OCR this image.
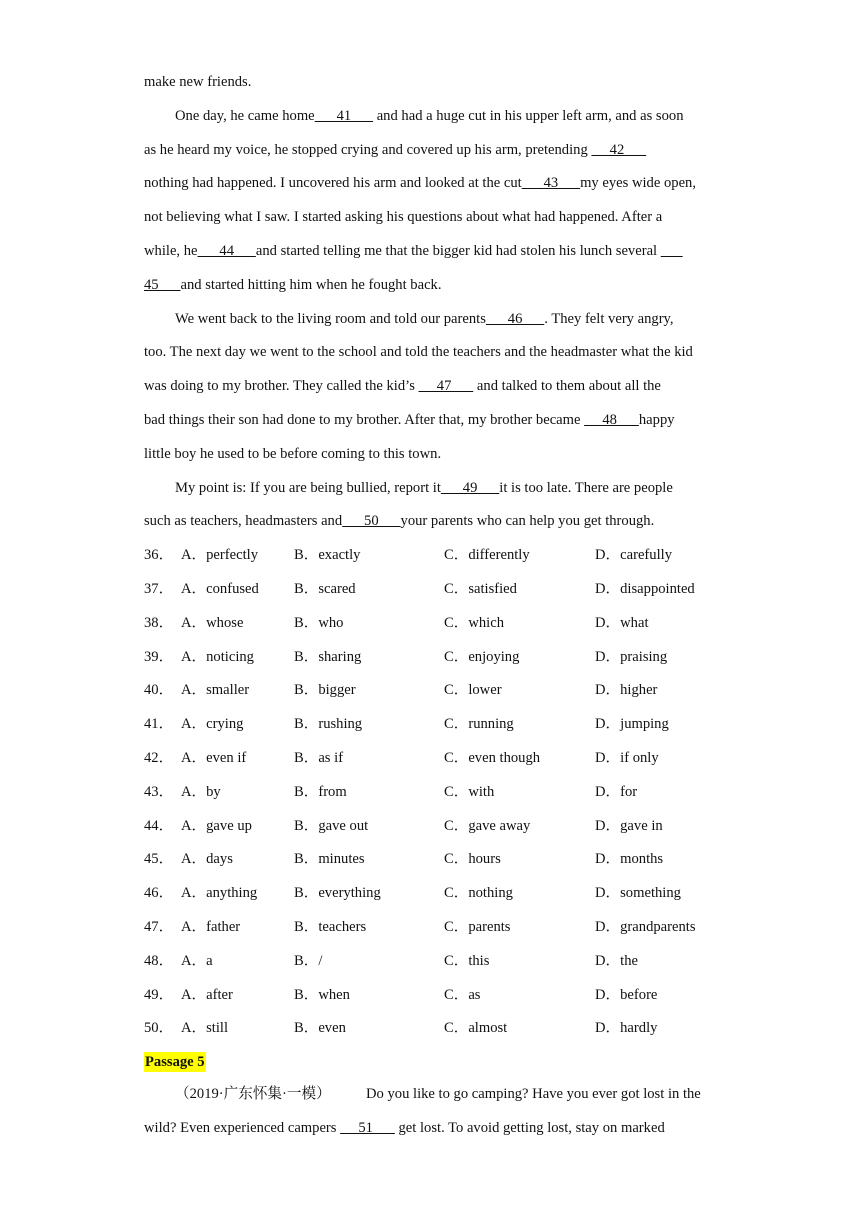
make new friends.
One day, he came home      41       and had a huge cut in his upper left arm, and as soon
as he heard my voice, he stopped crying and covered up his arm, pretending      42
nothing had happened. I uncovered his arm and looked at the cut      43      my eyes wide open,
not believing what I saw. I started asking his questions about what had happened. After a
while, he      44      and started telling me that the bigger kid had stolen his lunch several
45      and started hitting him when he fought back.
We went back to the living room and told our parents      46      . They felt very angry,
too. The next day we went to the school and told the teachers and the headmaster what the kid
was doing to my brother. They called the kid’s      47       and talked to them about all the
bad things their son had done to my brother. After that, my brother became      48      happy
little boy he used to be before coming to this town.
My point is: If you are being bullied, report it      49      it is too late. There are people
such as teachers, headmasters and      50      your parents who can help you get through.
36． A．perfectly B．exactly	C．differently	D．carefully
37． A．confused B．scared	C．satisfied	D．disappointed
38． A．whose	B．who	C．which	D．what
39． A．noticing	B．sharing	C．enjoying	D．praising
40． A．smaller	B．bigger	C．lower	D．higher
41． A．crying	B．rushing	C．running	D．jumping
42． A．even if	B．as if	C．even though	D．if only
43． A．by	B．from	C．with	D．for
44． A．gave up	B．gave out	C．gave away	D．gave in
45． A．days	B．minutes	C．hours	D．months
46． A．anything	B．everything	C．nothing	D．something
47． A．father	B．teachers	C．parents	D．grandparents
48． A．a	B．/	C．this	D．the
49． A．after	B．when	C．as	D．before
50． A．still	B．even	C．almost	D．hardly
Passage 5
（2019·广东怀集·一模） Do you like to go camping? Have you ever got lost in the
wild? Even experienced campers      51       get lost. To avoid getting lost, stay on marked
